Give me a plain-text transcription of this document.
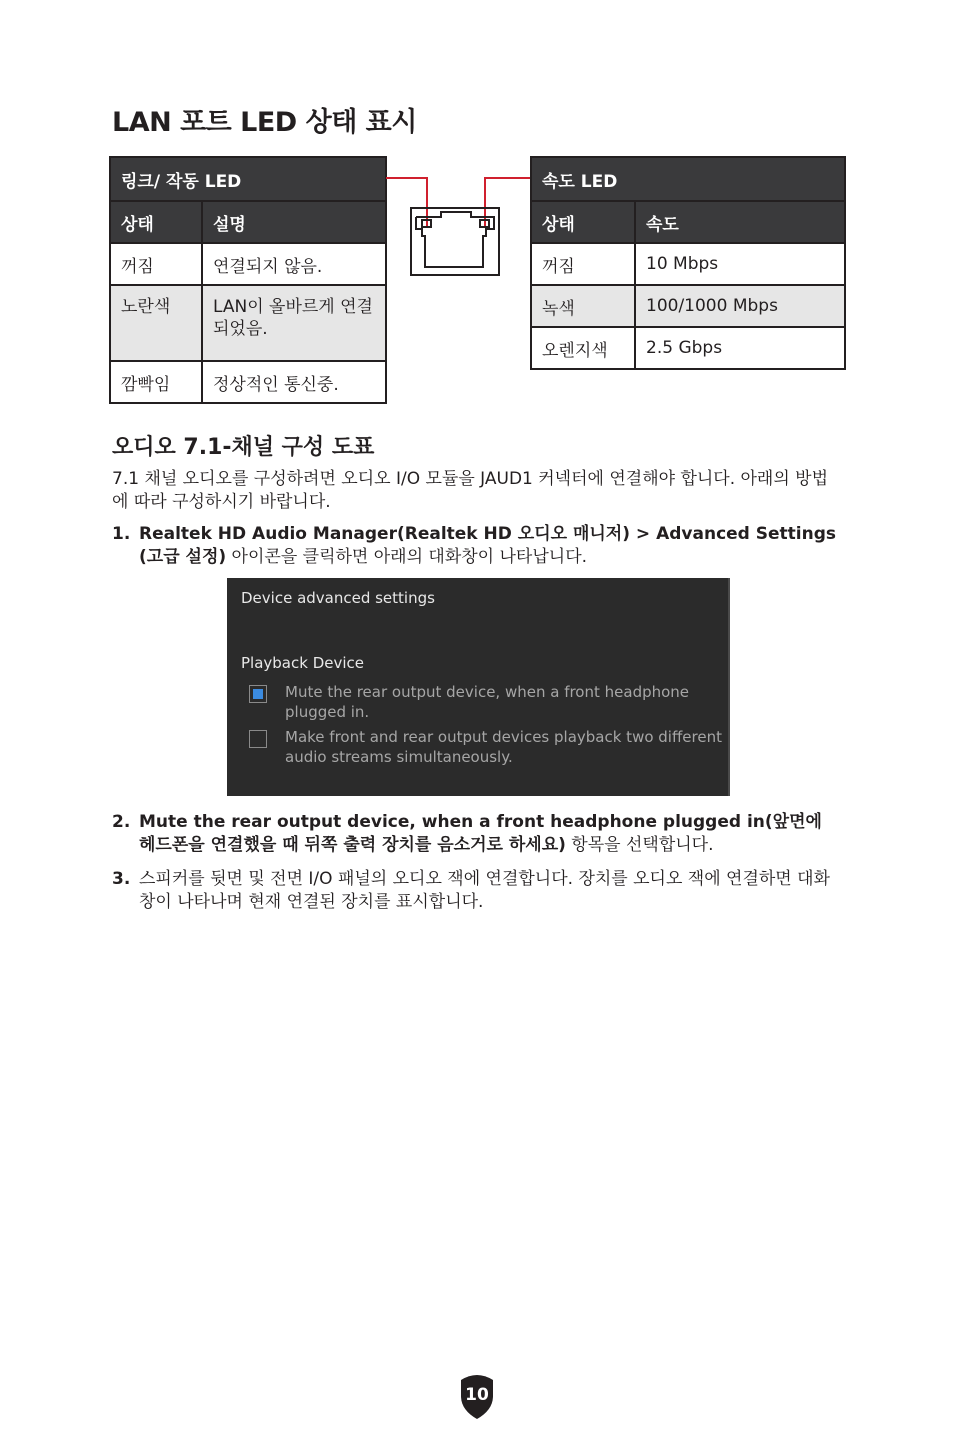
LAN 포트 LED 상태 표시
링크/ 작동 LED	
상태	설명
꺼짐	연결되지 않음.
노란색	LAN이 올바르게 연결되었음.
깜빡임	정상적인 통신중.
속도 LED	
상태	속도
꺼짐	10 Mbps
녹색	100/1000 Mbps
오렌지색	2.5 Gbps
오디오 7.1-채널 구성 도표

7.1 채널 오디오를 구성하려면 오디오 I/O 모듈을 JAUD1 커넥터에 연결해야 합니다. 아래의 방법에 따라 구성하시기 바랍니다.

1. Realtek HD Audio Manager(Realtek HD 오디오 매니저) > Advanced Settings (고급 설정) 아이콘을 클릭하면 아래의 대화창이 나타납니다.
Device advanced settings
Playback Device
Mute the rear output device, when a front headphone plugged in.
Make front and rear output devices playback two different audio streams simultaneously.
2. Mute the rear output device, when a front headphone plugged in(앞면에 헤드폰을 연결했을 때 뒤쪽 출력 장치를 음소거로 하세요) 항목을 선택합니다.
3. 스피커를 뒷면 및 전면 I/O 패널의 오디오 잭에 연결합니다. 장치를 오디오 잭에 연결하면 대화창이 나타나며 현재 연결된 장치를 표시합니다.
10
